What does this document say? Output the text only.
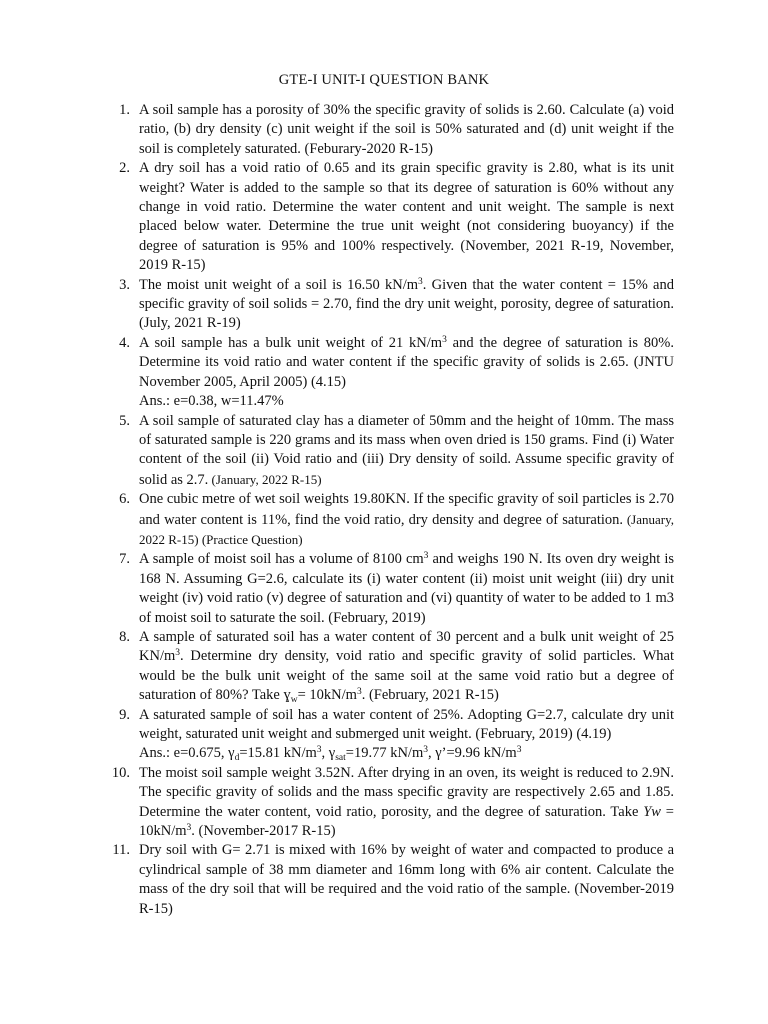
GTE-I UNIT-I QUESTION BANK
1. A soil sample has a porosity of 30% the specific gravity of solids is 2.60. Calculate (a) void ratio, (b) dry density (c) unit weight if the soil is 50% saturated and (d) unit weight if the soil is completely saturated. (Feburary-2020 R-15)
2. A dry soil has a void ratio of 0.65 and its grain specific gravity is 2.80, what is its unit weight? Water is added to the sample so that its degree of saturation is 60% without any change in void ratio. Determine the water content and unit weight. The sample is next placed below water. Determine the true unit weight (not considering buoyancy) if the degree of saturation is 95% and 100% respectively. (November, 2021 R-19, November, 2019 R-15)
3. The moist unit weight of a soil is 16.50 $kN/m^3$. Given that the water content = 15% and specific gravity of soil solids = 2.70, find the dry unit weight, porosity, degree of saturation. (July, 2021 R-19)
4. A soil sample has a bulk unit weight of 21 $kN/m^3$ and the degree of saturation is 80%. Determine its void ratio and water content if the specific gravity of solids is 2.65. (JNTU November 2005, April 2005) (4.15)
Ans.: e=0.38, w=11.47%
5. A soil sample of saturated clay has a diameter of 50mm and the height of 10mm. The mass of saturated sample is 220 grams and its mass when oven dried is 150 grams. Find (i) Water content of the soil (ii) Void ratio and (iii) Dry density of soild. Assume specific gravity of solid as 2.7. (January, 2022 R-15)
6. One cubic metre of wet soil weights 19.80KN. If the specific gravity of soil particles is 2.70 and water content is 11%, find the void ratio, dry density and degree of saturation. (January, 2022 R-15) (Practice Question)
7. A sample of moist soil has a volume of 8100 $cm^3$ and weighs 190 N. Its oven dry weight is 168 N. Assuming G=2.6, calculate its (i) water content (ii) moist unit weight (iii) dry unit weight (iv) void ratio (v) degree of saturation and (vi) quantity of water to be added to 1 m3 of moist soil to saturate the soil. (February, 2019)
8. A sample of saturated soil has a water content of 30 percent and a bulk unit weight of 25 $KN/m^3$. Determine dry density, void ratio and specific gravity of solid particles. What would be the bulk unit weight of the same soil at the same void ratio but a degree of saturation of 80%? Take ɣ$_w$= $10kN/m^3$. (February, 2021 R-15)
9. A saturated sample of soil has a water content of 25%. Adopting G=2.7, calculate dry unit weight, saturated unit weight and submerged unit weight. (February, 2019) (4.19)
Ans.: e=0.675, $\gamma_d=15.81$ $kN/m^3$, $\gamma_{sat}=19.77$ $kN/m^3$, γ’=9.96 $kN/m^3$
10. The moist soil sample weight 3.52N. After drying in an oven, its weight is reduced to 2.9N. The specific gravity of solids and the mass specific gravity are respectively 2.65 and 1.85. Determine the water content, void ratio, porosity, and the degree of saturation. Take $Yw = 10kN/m^3$. (November-2017 R-15)
11. Dry soil with G= 2.71 is mixed with 16% by weight of water and compacted to produce a cylindrical sample of 38 mm diameter and 16mm long with 6% air content. Calculate the mass of the dry soil that will be required and the void ratio of the sample. (November-2019 R-15)
